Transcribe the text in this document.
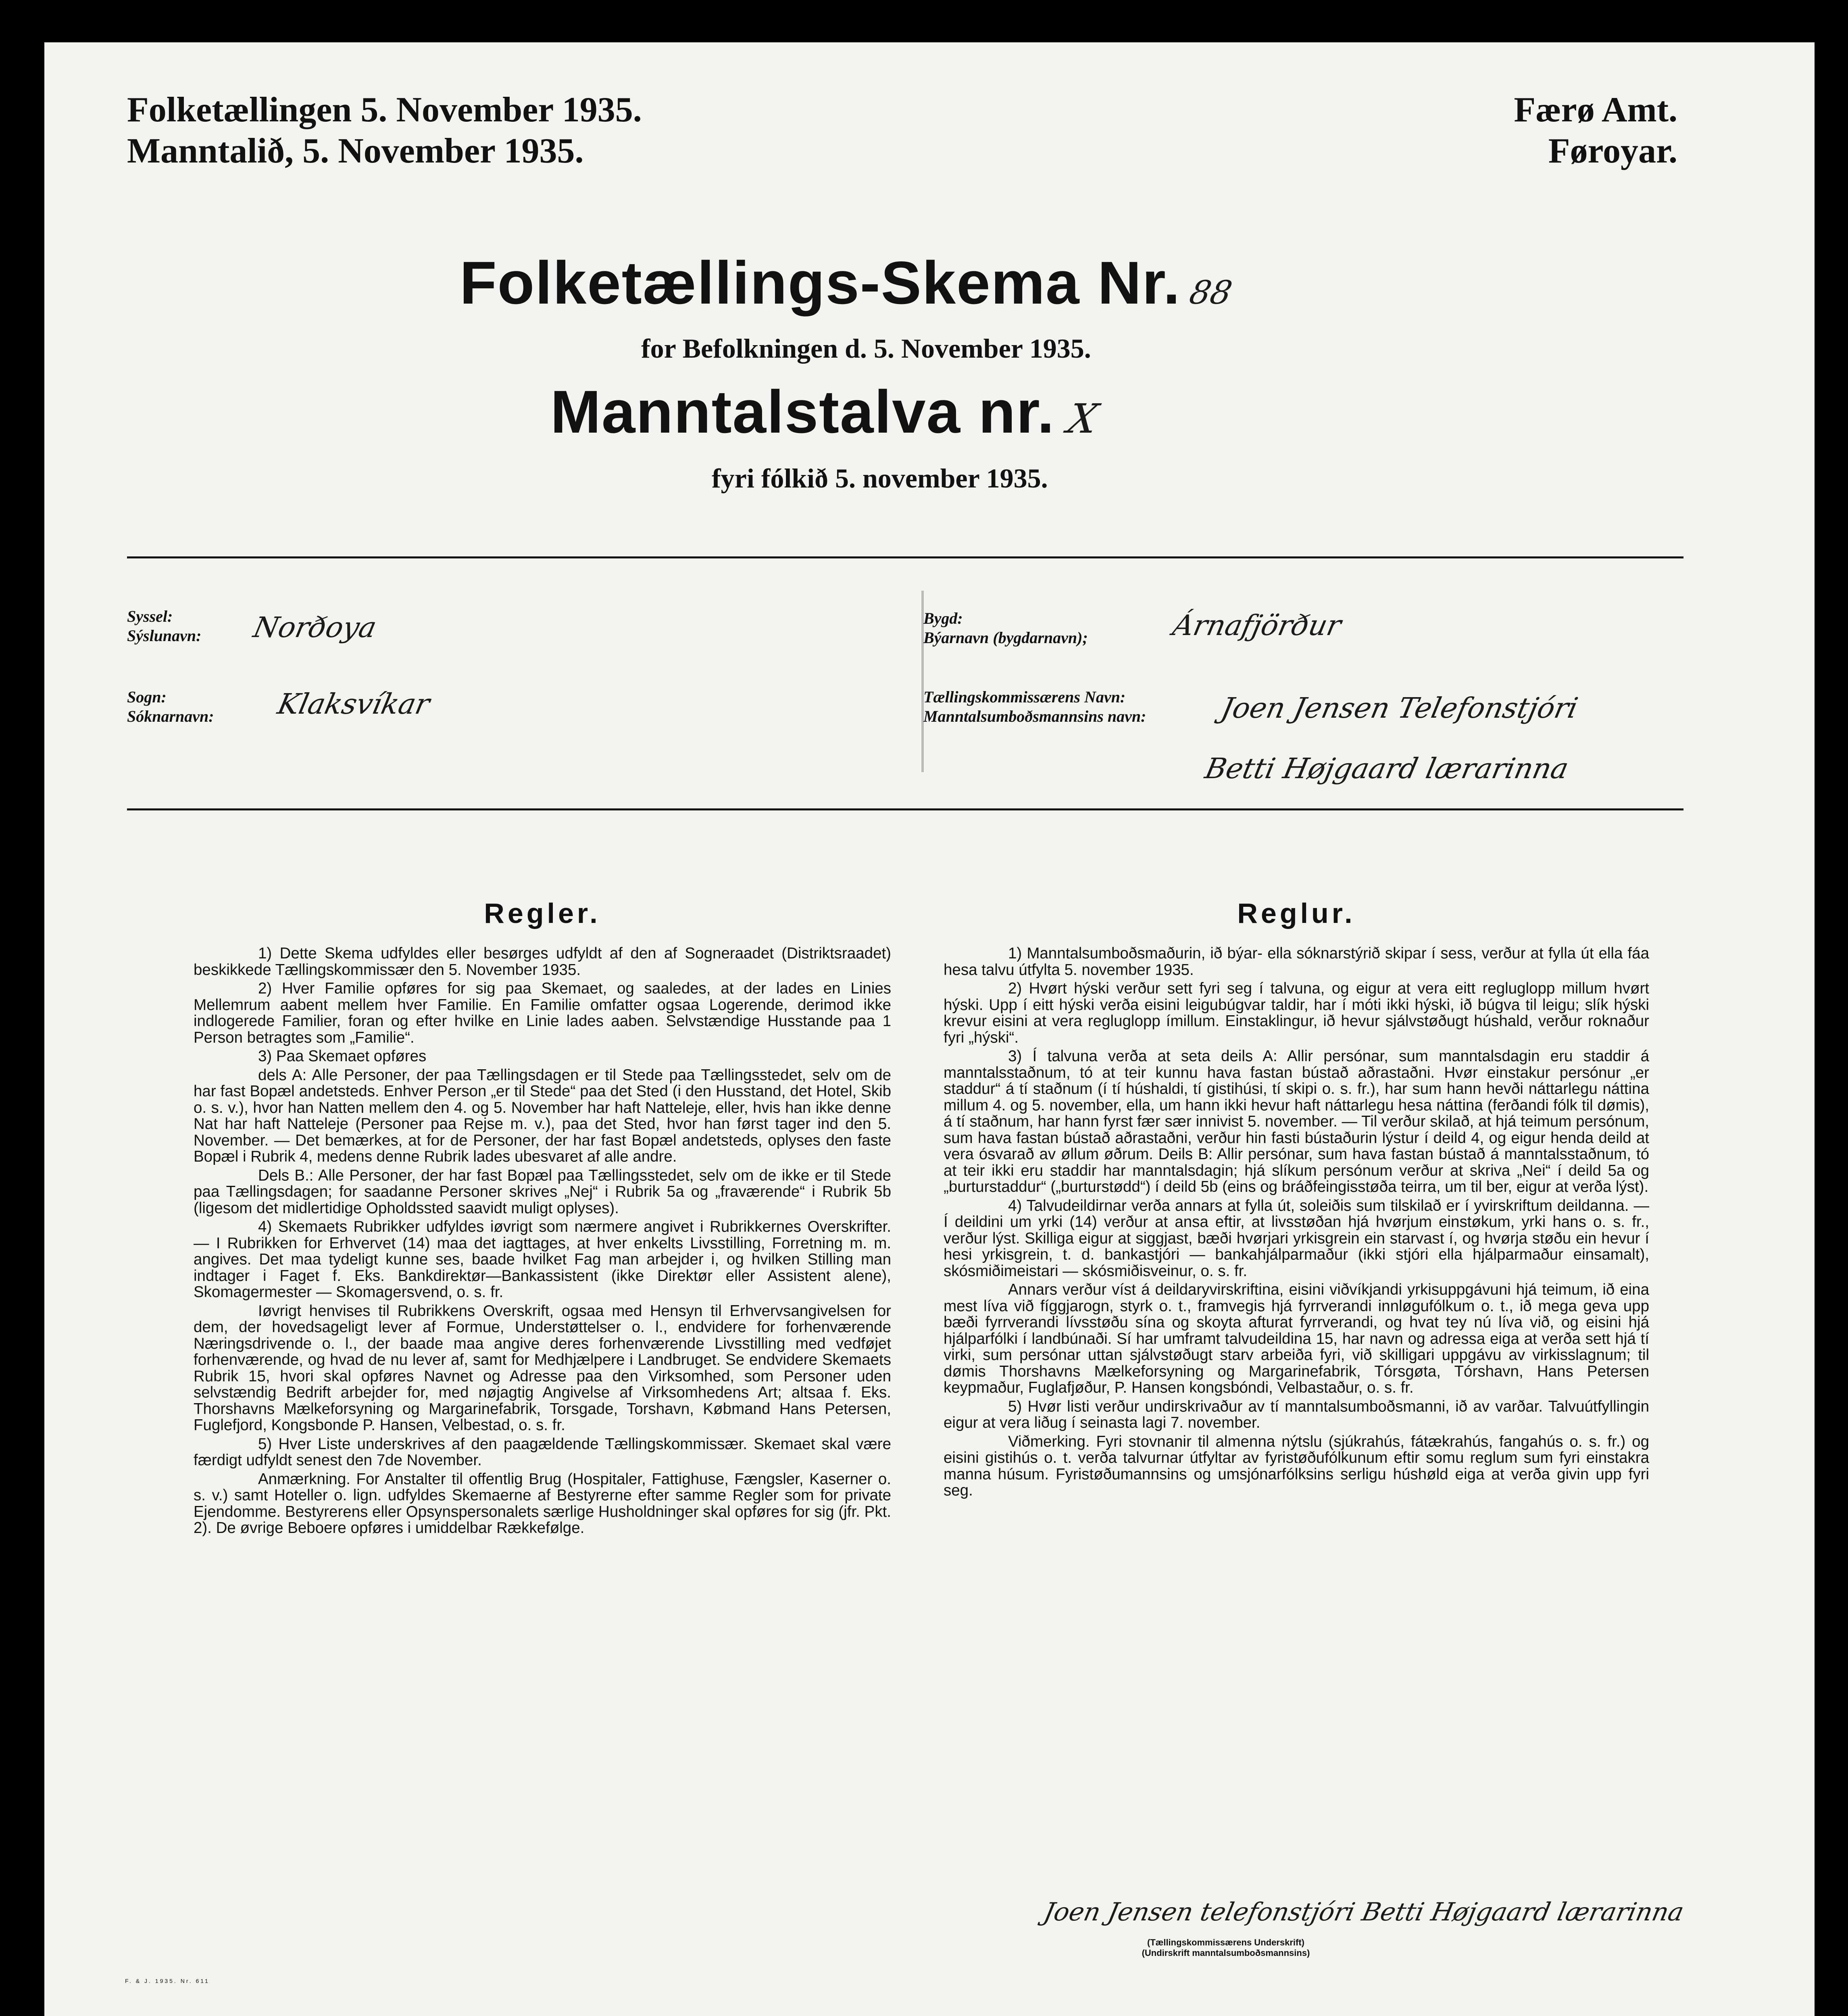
Folketællingen 5. November 1935.
Manntalið, 5. November 1935.
Færø Amt.
Føroyar.
Folketællings-Skema Nr. 88
for Befolkningen d. 5. November 1935.
Manntalstalva nr. X
fyri fólkið 5. november 1935.
Syssel:
Sýslunavn: Norðoya
Sogn:
Sóknarnavn: Klaksvíkar
Bygd:
Býarnavn (bygdarnavn);	Árnafjörður
Tællingskommissærens Navn:
Manntalsumboðsmannsins navn:	Joen Jensen Telefonstjóri
Betti Højgaard lærarinna
Regler.

1) Dette Skema udfyldes eller besørges udfyldt af den af Sogneraadet (Distriktsraadet) beskikkede Tællingskommissær den 5. November 1935.

2) Hver Familie opføres for sig paa Skemaet, og saaledes, at der lades en Linies Mellemrum aabent mellem hver Familie. En Familie omfatter ogsaa Logerende, derimod ikke indlogerede Familier, foran og efter hvilke en Linie lades aaben. Selvstændige Husstande paa 1 Person betragtes som „Familie“.

3) Paa Skemaet opføres

dels A: Alle Personer, der paa Tællingsdagen er til Stede paa Tællingsstedet, selv om de har fast Bopæl andetsteds. Enhver Person „er til Stede“ paa det Sted (i den Husstand, det Hotel, Skib o. s. v.), hvor han Natten mellem den 4. og 5. November har haft Natteleje, eller, hvis han ikke denne Nat har haft Natteleje (Personer paa Rejse m. v.), paa det Sted, hvor han først tager ind den 5. November. — Det bemærkes, at for de Personer, der har fast Bopæl andetsteds, oplyses den faste Bopæl i Rubrik 4, medens denne Rubrik lades ubesvaret af alle andre.

Dels B.: Alle Personer, der har fast Bopæl paa Tællingsstedet, selv om de ikke er til Stede paa Tællingsdagen; for saadanne Personer skrives „Nej“ i Rubrik 5a og „fraværende“ i Rubrik 5b (ligesom det midlertidige Opholdssted saavidt muligt oplyses).

4) Skemaets Rubrikker udfyldes iøvrigt som nærmere angivet i Rubrikkernes Overskrifter. — I Rubrikken for Erhvervet (14) maa det iagttages, at hver enkelts Livsstilling, Forretning m. m. angives. Det maa tydeligt kunne ses, baade hvilket Fag man arbejder i, og hvilken Stilling man indtager i Faget f. Eks. Bankdirektør—Bankassistent (ikke Direktør eller Assistent alene), Skomagermester — Skomagersvend, o. s. fr.

Iøvrigt henvises til Rubrikkens Overskrift, ogsaa med Hensyn til Erhvervsangivelsen for dem, der hovedsageligt lever af Formue, Understøttelser o. l., endvidere for forhenværende Næringsdrivende o. l., der baade maa angive deres forhenværende Livsstilling med vedføjet forhenværende, og hvad de nu lever af, samt for Medhjælpere i Landbruget. Se endvidere Skemaets Rubrik 15, hvori skal opføres Navnet og Adresse paa den Virksomhed, som Personer uden selvstændig Bedrift arbejder for, med nøjagtig Angivelse af Virksomhedens Art; altsaa f. Eks. Thorshavns Mælkeforsyning og Margarinefabrik, Torsgade, Torshavn, Købmand Hans Petersen, Fuglefjord, Kongsbonde P. Hansen, Velbestad, o. s. fr.

5) Hver Liste underskrives af den paagældende Tællingskommissær. Skemaet skal være færdigt udfyldt senest den 7de November.

Anmærkning. For Anstalter til offentlig Brug (Hospitaler, Fattighuse, Fængsler, Kaserner o. s. v.) samt Hoteller o. lign. udfyldes Skemaerne af Bestyrerne efter samme Regler som for private Ejendomme. Bestyrerens eller Opsynspersonalets særlige Husholdninger skal opføres for sig (jfr. Pkt. 2). De øvrige Beboere opføres i umiddelbar Rækkefølge.

Reglur.

1) Manntalsumboðsmaðurin, ið býar- ella sóknarstýrið skipar í sess, verður at fylla út ella fáa hesa talvu útfylta 5. november 1935.

2) Hvørt hýski verður sett fyri seg í talvuna, og eigur at vera eitt regluglopp millum hvørt hýski. Upp í eitt hýski verða eisini leigubúgvar taldir, har í móti ikki hýski, ið búgva til leigu; slík hýski krevur eisini at vera regluglopp ímillum. Einstaklingur, ið hevur sjálvstøðugt húshald, verður roknaður fyri „hýski“.

3) Í talvuna verða at seta deils A: Allir persónar, sum manntalsdagin eru staddir á manntalsstaðnum, tó at teir kunnu hava fastan bústað aðrastaðni. Hvør einstakur persónur „er staddur“ á tí staðnum (í tí húshaldi, tí gistihúsi, tí skipi o. s. fr.), har sum hann hevði náttarlegu náttina millum 4. og 5. november, ella, um hann ikki hevur haft náttarlegu hesa náttina (ferðandi fólk til dømis), á tí staðnum, har hann fyrst fær sær innivist 5. november. — Til verður skilað, at hjá teimum persónum, sum hava fastan bústað aðrastaðni, verður hin fasti bústaðurin lýstur í deild 4, og eigur henda deild at vera ósvarað av øllum øðrum. Deils B: Allir persónar, sum hava fastan bústað á manntalsstaðnum, tó at teir ikki eru staddir har manntalsdagin; hjá slíkum persónum verður at skriva „Nei“ í deild 5a og „burturstaddur“ („burturstødd“) í deild 5b (eins og bráðfeingisstøða teirra, um til ber, eigur at verða lýst).

4) Talvudeildirnar verða annars at fylla út, soleiðis sum tilskilað er í yvirskriftum deildanna. — Í deildini um yrki (14) verður at ansa eftir, at livsstøðan hjá hvørjum einstøkum, yrki hans o. s. fr., verður lýst. Skilliga eigur at siggjast, bæði hvørjari yrkisgrein ein starvast í, og hvørja støðu ein hevur í hesi yrkisgrein, t. d. bankastjóri — bankahjálparmaður (ikki stjóri ella hjálparmaður einsamalt), skósmiðimeistari — skósmiðisveinur, o. s. fr.

Annars verður víst á deildaryvirskriftina, eisini viðvíkjandi yrkisuppgávuni hjá teimum, ið eina mest líva við fíggjarogn, styrk o. t., framvegis hjá fyrrverandi innløgufólkum o. t., ið mega geva upp bæði fyrrverandi lívsstøðu sína og skoyta afturat fyrrverandi, og hvat tey nú líva við, og eisini hjá hjálparfólki í landbúnaði. Sí har umframt talvudeildina 15, har navn og adressa eiga at verða sett hjá tí virki, sum persónar uttan sjálvstøðugt starv arbeiða fyri, við skilligari uppgávu av virkisslagnum; til dømis Thorshavns Mælkeforsyning og Margarinefabrik, Tórsgøta, Tórshavn, Hans Petersen keypmaður, Fuglafjøður, P. Hansen kongsbóndi, Velbastaður, o. s. fr.

5) Hvør listi verður undirskrivaður av tí manntalsumboðsmanni, ið av varðar. Talvuútfyllingin eigur at vera liðug í seinasta lagi 7. november.

Viðmerking. Fyri stovnanir til almenna nýtslu (sjúkrahús, fátækrahús, fangahús o. s. fr.) og eisini gistihús o. t. verða talvurnar útfyltar av fyristøðufólkunum eftir somu reglum sum fyri einstakra manna húsum. Fyristøðumannsins og umsjónarfólksins serligu húshøld eiga at verða givin upp fyri seg.

Joen Jensen telefonstjóri Betti Højgaard lærarinna
(Tællingskommissærens Underskrift)
(Undirskrift manntalsumboðsmannsins)
F. & J. 1935. Nr. 611
